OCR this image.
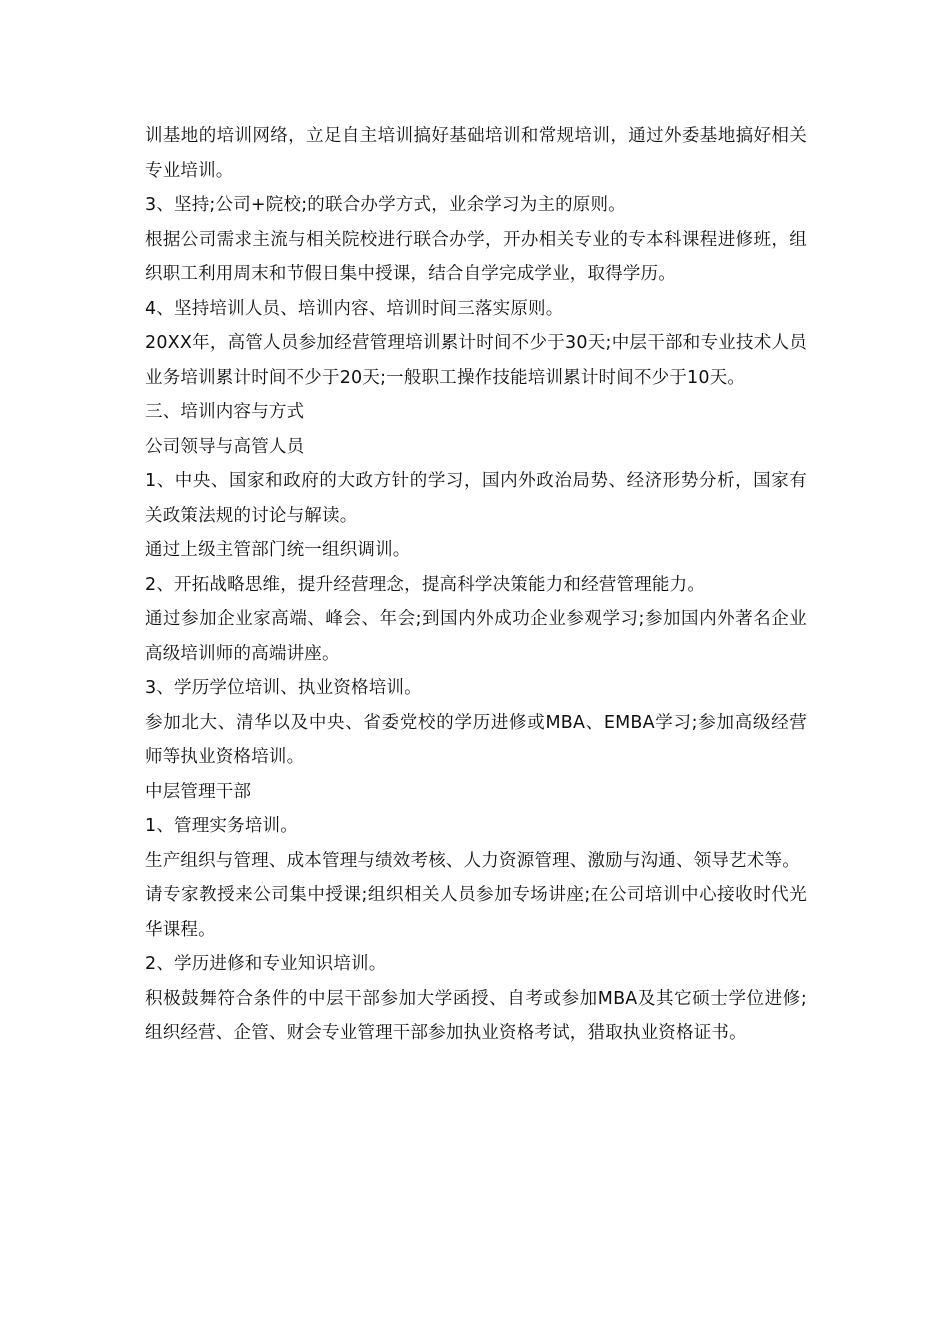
训基地的培训网络，立足自主培训搞好基础培训和常规培训，通过外委基地搞好相关专业培训。

3、坚持;公司+院校;的联合办学方式，业余学习为主的原则。

根据公司需求主流与相关院校进行联合办学，开办相关专业的专本科课程进修班，组织职工利用周末和节假日集中授课，结合自学完成学业，取得学历。

4、坚持培训人员、培训内容、培训时间三落实原则。

20XX年，高管人员参加经营管理培训累计时间不少于30天;中层干部和专业技术人员业务培训累计时间不少于20天;一般职工操作技能培训累计时间不少于10天。

三、培训内容与方式

公司领导与高管人员

1、中央、国家和政府的大政方针的学习，国内外政治局势、经济形势分析，国家有关政策法规的讨论与解读。

通过上级主管部门统一组织调训。

2、开拓战略思维，提升经营理念，提高科学决策能力和经营管理能力。

通过参加企业家高端、峰会、年会;到国内外成功企业参观学习;参加国内外著名企业高级培训师的高端讲座。

3、学历学位培训、执业资格培训。

参加北大、清华以及中央、省委党校的学历进修或MBA、EMBA学习;参加高级经营师等执业资格培训。

中层管理干部

1、管理实务培训。

生产组织与管理、成本管理与绩效考核、人力资源管理、激励与沟通、领导艺术等。

请专家教授来公司集中授课;组织相关人员参加专场讲座;在公司培训中心接收时代光华课程。

2、学历进修和专业知识培训。

积极鼓舞符合条件的中层干部参加大学函授、自考或参加MBA及其它硕士学位进修;组织经营、企管、财会专业管理干部参加执业资格考试，猎取执业资格证书。
